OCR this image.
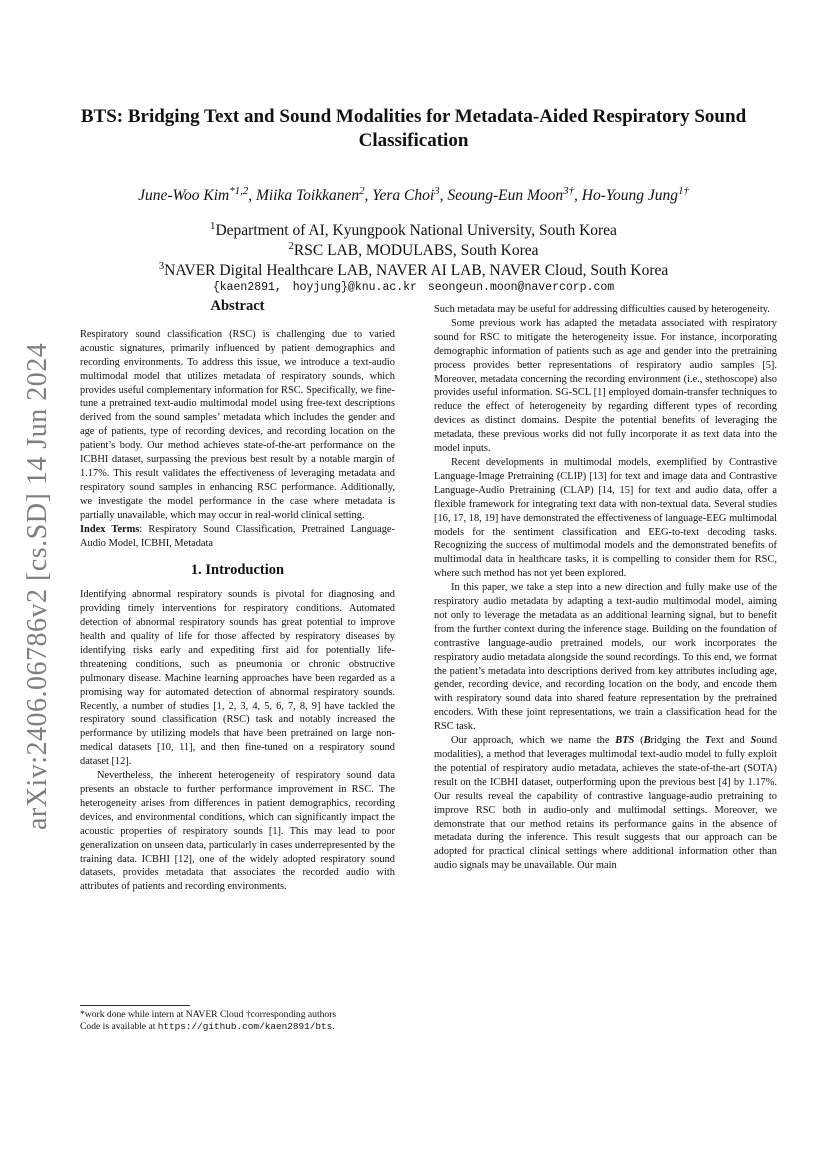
arXiv:2406.06786v2 [cs.SD] 14 Jun 2024
BTS: Bridging Text and Sound Modalities for Metadata-Aided Respiratory Sound Classification
June-Woo Kim$^{*1,2}$, Miika Toikkanen$^2$, Yera Choi$^3$, Seoung-Eun Moon$^{3\dagger}$, Ho-Young Jung$^{1\dagger}$
$^1$Department of AI, Kyungpook National University, South Korea
$^2$RSC LAB, MODULABS, South Korea
$^3$NAVER Digital Healthcare LAB, NAVER AI LAB, NAVER Cloud, South Korea
{kaen2891, hoyjung}@knu.ac.kr seongeun.moon@navercorp.com
Abstract

Respiratory sound classification (RSC) is challenging due to varied acoustic signatures, primarily influenced by patient demographics and recording environments. To address this issue, we introduce a text-audio multimodal model that utilizes metadata of respiratory sounds, which provides useful complementary information for RSC. Specifically, we fine-tune a pretrained text-audio multimodal model using free-text descriptions derived from the sound samples’ metadata which includes the gender and age of patients, type of recording devices, and recording location on the patient’s body. Our method achieves state-of-the-art performance on the ICBHI dataset, surpassing the previous best result by a notable margin of 1.17%. This result validates the effectiveness of leveraging metadata and respiratory sound samples in enhancing RSC performance. Additionally, we investigate the model performance in the case where metadata is partially unavailable, which may occur in real-world clinical setting.

Index Terms: Respiratory Sound Classification, Pretrained Language-Audio Model, ICBHI, Metadata

1. Introduction

Identifying abnormal respiratory sounds is pivotal for diagnosing and providing timely interventions for respiratory conditions. Automated detection of abnormal respiratory sounds has great potential to improve health and quality of life for those affected by respiratory diseases by identifying risks early and expediting first aid for potentially life-threatening conditions, such as pneumonia or chronic obstructive pulmonary disease. Machine learning approaches have been regarded as a promising way for automated detection of abnormal respiratory sounds. Recently, a number of studies [1, 2, 3, 4, 5, 6, 7, 8, 9] have tackled the respiratory sound classification (RSC) task and notably increased the performance by utilizing models that have been pretrained on large non-medical datasets [10, 11], and then fine-tuned on a respiratory sound dataset [12].

Nevertheless, the inherent heterogeneity of respiratory sound data presents an obstacle to further performance improvement in RSC. The heterogeneity arises from differences in patient demographics, recording devices, and environmental conditions, which can significantly impact the acoustic properties of respiratory sounds [1]. This may lead to poor generalization on unseen data, particularly in cases underrepresented by the training data. ICBHI [12], one of the widely adopted respiratory sound datasets, provides metadata that associates the recorded audio with attributes of patients and recording environments.

*work done while intern at NAVER Cloud †corresponding authors
Code is available at https://github.com/kaen2891/bts.

Such metadata may be useful for addressing difficulties caused by heterogeneity.

Some previous work has adapted the metadata associated with respiratory sound for RSC to mitigate the heterogeneity issue. For instance, incorporating demographic information of patients such as age and gender into the pretraining process provides better representations of respiratory audio samples [5]. Moreover, metadata concerning the recording environment (i.e., stethoscope) also provides useful information. SG-SCL [1] employed domain-transfer techniques to reduce the effect of heterogeneity by regarding different types of recording devices as distinct domains. Despite the potential benefits of leveraging the metadata, these previous works did not fully incorporate it as text data into the model inputs.

Recent developments in multimodal models, exemplified by Contrastive Language-Image Pretraining (CLIP) [13] for text and image data and Contrastive Language-Audio Pretraining (CLAP) [14, 15] for text and audio data, offer a flexible framework for integrating text data with non-textual data. Several studies [16, 17, 18, 19] have demonstrated the effectiveness of language-EEG multimodal models for the sentiment classification and EEG-to-text decoding tasks. Recognizing the success of multimodal models and the demonstrated benefits of multimodal data in healthcare tasks, it is compelling to consider them for RSC, where such method has not yet been explored.

In this paper, we take a step into a new direction and fully make use of the respiratory audio metadata by adapting a text-audio multimodal model, aiming not only to leverage the metadata as an additional learning signal, but to benefit from the further context during the inference stage. Building on the foundation of contrastive language-audio pretrained models, our work incorporates the respiratory audio metadata alongside the sound recordings. To this end, we format the patient’s metadata into descriptions derived from key attributes including age, gender, recording device, and recording location on the body, and encode them with respiratory sound data into shared feature representation by the pretrained encoders. With these joint representations, we train a classification head for the RSC task.

Our approach, which we name the BTS (Bridging the Text and Sound modalities), a method that leverages multimodal text-audio model to fully exploit the potential of respiratory audio metadata, achieves the state-of-the-art (SOTA) result on the ICBHI dataset, outperforming upon the previous best [4] by 1.17%. Our results reveal the capability of contrastive language-audio pretraining to improve RSC both in audio-only and multimodal settings. Moreover, we demonstrate that our method retains its performance gains in the absence of metadata during the inference. This result suggests that our approach can be adopted for practical clinical settings where additional information other than audio signals may be unavailable. Our main
